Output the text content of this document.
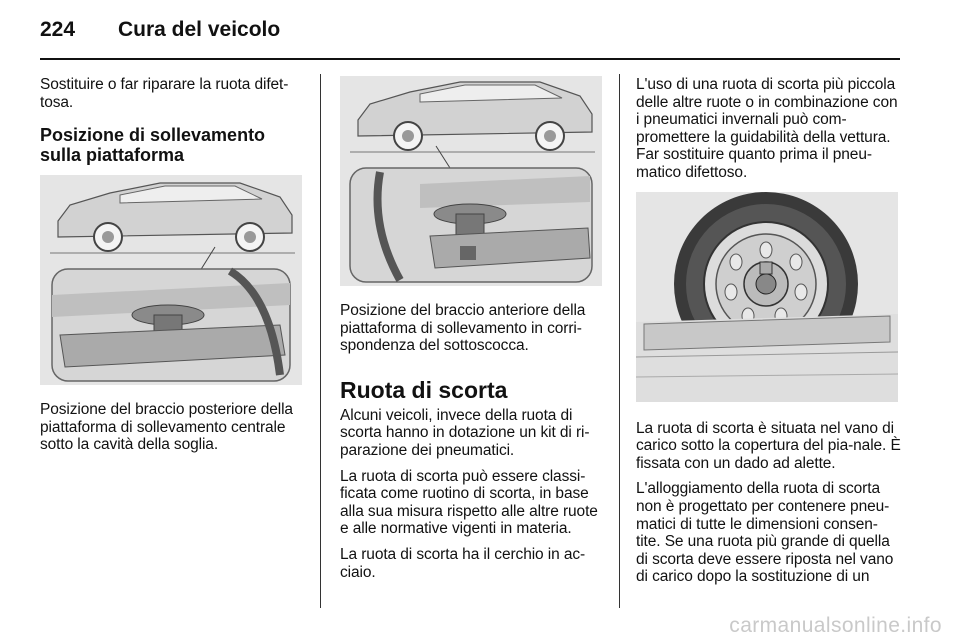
224	Cura del veicolo

Sostituire o far riparare la ruota difet-tosa.

Posizione di sollevamento sulla piattaforma

Posizione del braccio posteriore della piattaforma di sollevamento centrale sotto la cavità della soglia.

Posizione del braccio anteriore della piattaforma di sollevamento in corri-spondenza del sottoscocca.

Ruota di scorta

Alcuni veicoli, invece della ruota di scorta hanno in dotazione un kit di ri-parazione dei pneumatici.

La ruota di scorta può essere classi-ficata come ruotino di scorta, in base alla sua misura rispetto alle altre ruote e alle normative vigenti in materia.

La ruota di scorta ha il cerchio in ac-ciaio.

L'uso di una ruota di scorta più piccola delle altre ruote o in combinazione con i pneumatici invernali può com-promettere la guidabilità della vettura. Far sostituire quanto prima il pneu-matico difettoso.

La ruota di scorta è situata nel vano di carico sotto la copertura del pia-nale. È fissata con un dado ad alette.

L'alloggiamento della ruota di scorta non è progettato per contenere pneu-matici di tutte le dimensioni consen-tite. Se una ruota più grande di quella di scorta deve essere riposta nel vano di carico dopo la sostituzione di un

carmanualsonline.info
